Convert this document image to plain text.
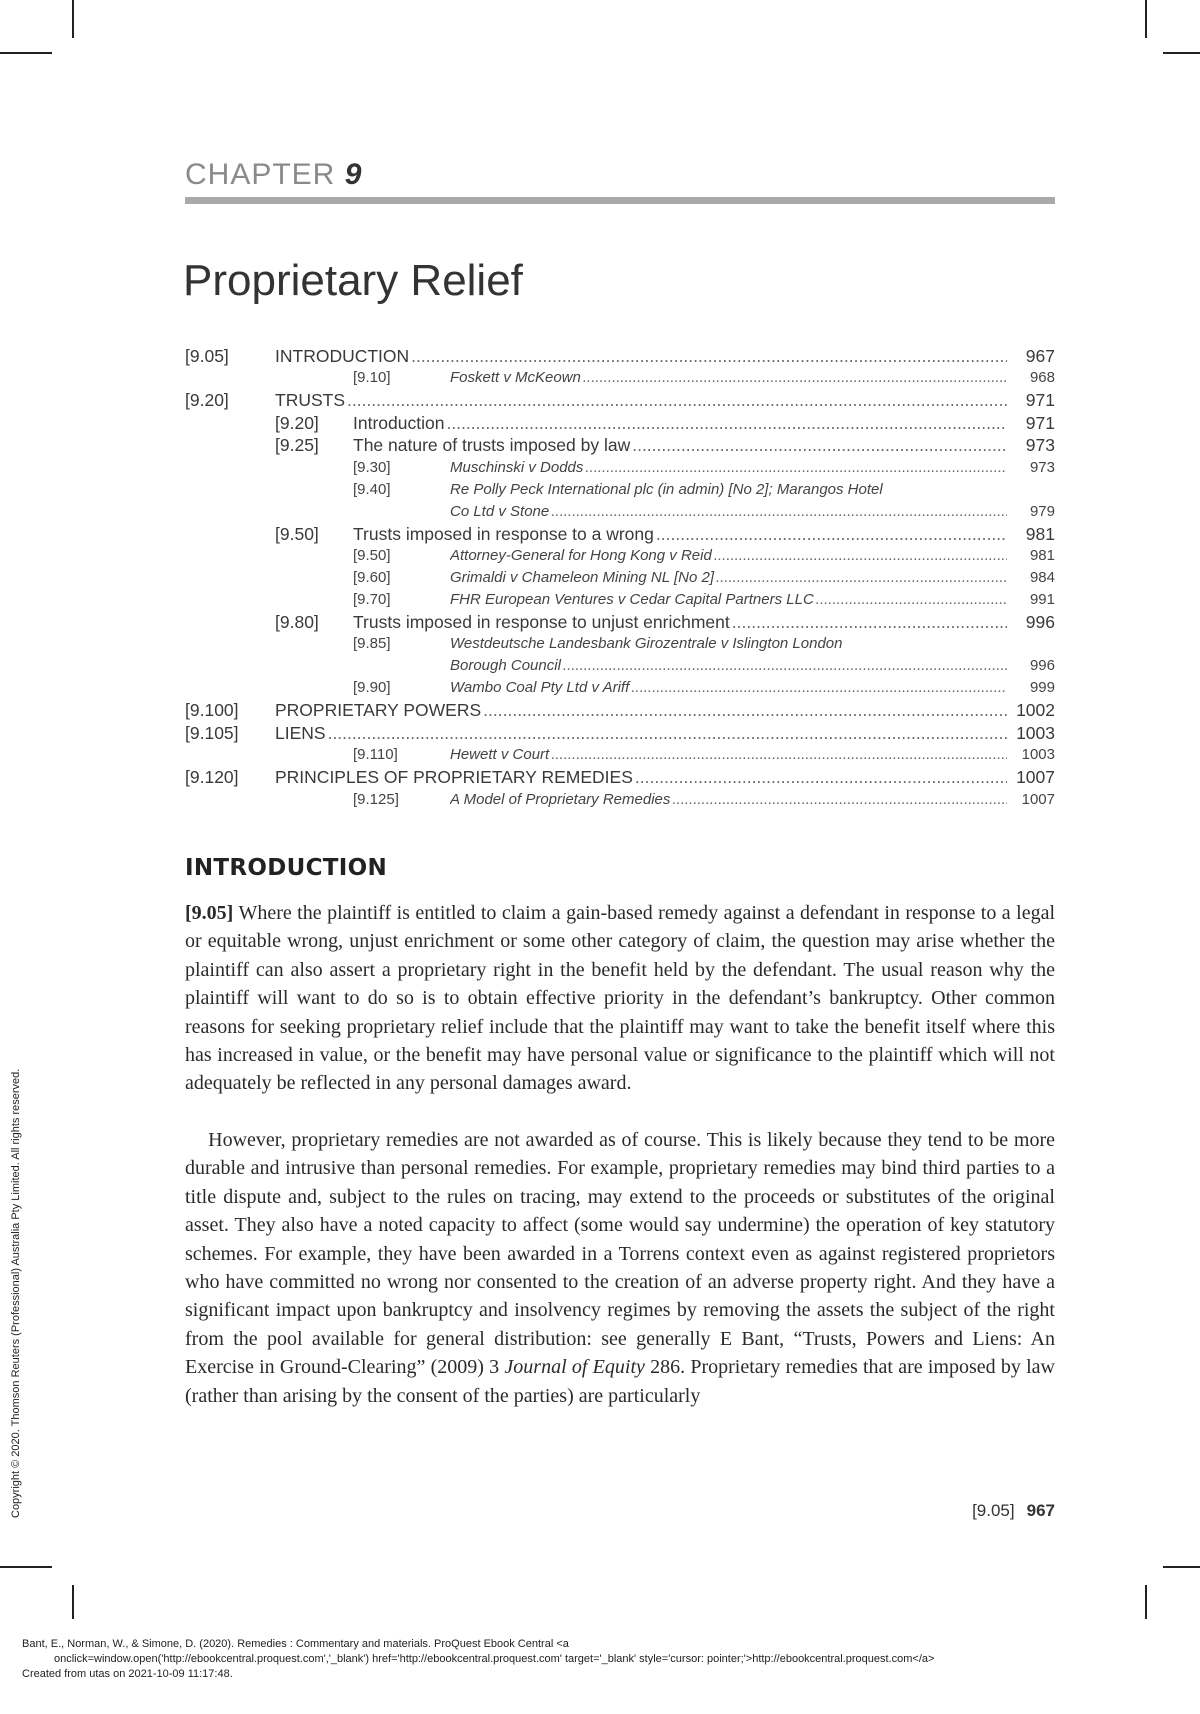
CHAPTER 9
Proprietary Relief
[9.05]	INTRODUCTION .....	967
[9.10]	Foskett v McKeown .....	968
[9.20]	TRUSTS .....	971
[9.20] Introduction .....	971
[9.25] The nature of trusts imposed by law .....	973
[9.30]	Muschinski v Dodds .....	973
[9.40]	Re Polly Peck International plc (in admin) [No 2]; Marangos Hotel
Co Ltd v Stone .....	979
[9.50] Trusts imposed in response to a wrong .....	981
[9.50]	Attorney-General for Hong Kong v Reid .....	981
[9.60]	Grimaldi v Chameleon Mining NL [No 2] .....	984
[9.70]	FHR European Ventures v Cedar Capital Partners LLC .....	991
[9.80] Trusts imposed in response to unjust enrichment .....	996
[9.85]	Westdeutsche Landesbank Girozentrale v Islington London
Borough Council .....	996
[9.90]	Wambo Coal Pty Ltd v Ariff .....	999
[9.100] PROPRIETARY POWERS .....	1002
[9.105] LIENS .....	1003
[9.110]	Hewett v Court .....	1003
[9.120] PRINCIPLES OF PROPRIETARY REMEDIES .....	1007
[9.125]	A Model of Proprietary Remedies .....	1007
INTRODUCTION
[9.05] Where the plaintiff is entitled to claim a gain-based remedy against a defendant in response to a legal or equitable wrong, unjust enrichment or some other category of claim, the question may arise whether the plaintiff can also assert a proprietary right in the benefit held by the defendant. The usual reason why the plaintiff will want to do so is to obtain effective priority in the defendant’s bankruptcy. Other common reasons for seeking proprietary relief include that the plaintiff may want to take the benefit itself where this has increased in value, or the benefit may have personal value or significance to the plaintiff which will not adequately be reflected in any personal damages award.
However, proprietary remedies are not awarded as of course. This is likely because they tend to be more durable and intrusive than personal remedies. For example, proprietary remedies may bind third parties to a title dispute and, subject to the rules on tracing, may extend to the proceeds or substitutes of the original asset. They also have a noted capacity to affect (some would say undermine) the operation of key statutory schemes. For example, they have been awarded in a Torrens context even as against registered proprietors who have committed no wrong nor consented to the creation of an adverse property right. And they have a significant impact upon bankruptcy and insolvency regimes by removing the assets the subject of the right from the pool available for general distribution: see generally E Bant, “Trusts, Powers and Liens: An Exercise in Ground-Clearing” (2009) 3 Journal of Equity 286. Proprietary remedies that are imposed by law (rather than arising by the consent of the parties) are particularly
[9.05] 967
Copyright © 2020. Thomson Reuters (Professional) Australia Pty Limited. All rights reserved.
Bant, E., Norman, W., & Simone, D. (2020). Remedies : Commentary and materials. ProQuest Ebook Central <a
onclick=window.open('http://ebookcentral.proquest.com','_blank') href='http://ebookcentral.proquest.com' target='_blank' style='cursor: pointer;'>http://ebookcentral.proquest.com</a>
Created from utas on 2021-10-09 11:17:48.
